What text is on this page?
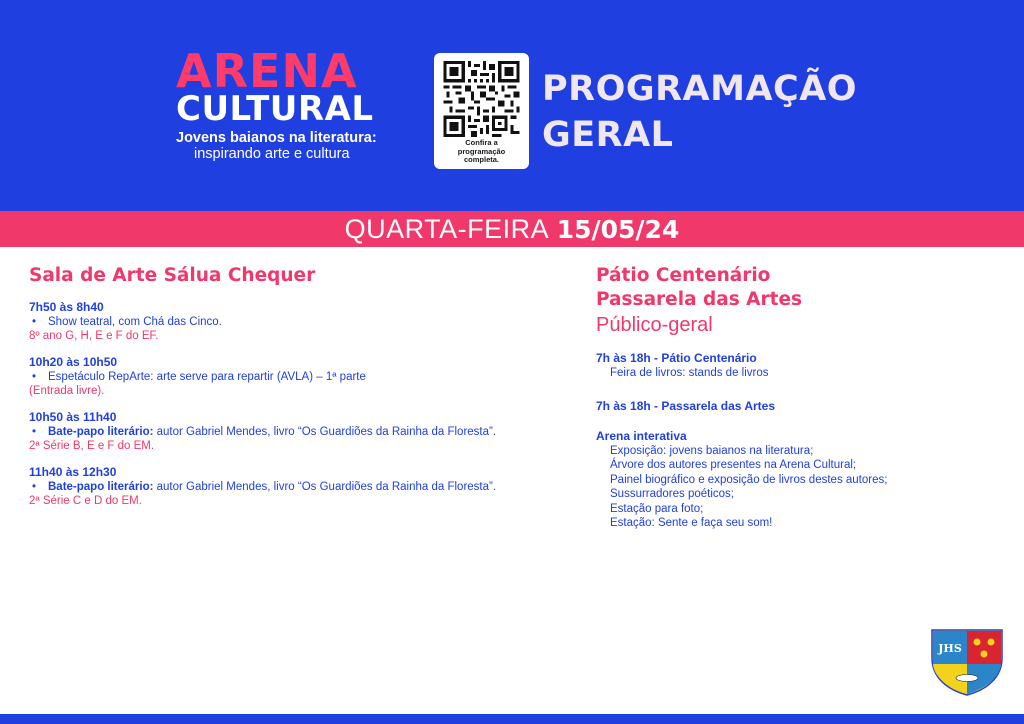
ARENA
CULTURAL
Jovens baianos na literatura:
inspirando arte e cultura
Confira a
programação
completa.
PROGRAMAÇÃO
GERAL
QUARTA-FEIRA 15/05/24
Sala de Arte Sálua Chequer
7h50 às 8h40
• Show teatral, com Chá das Cinco.
8º ano G, H, E e F do EF.
10h20 às 10h50
• Espetáculo RepArte: arte serve para repartir (AVLA) – 1ª parte
(Entrada livre).
10h50 às 11h40
• Bate-papo literário: autor Gabriel Mendes, livro “Os Guardiões da Rainha da Floresta”.
2ª Série B, E e F do EM.
11h40 às 12h30
• Bate-papo literário: autor Gabriel Mendes, livro “Os Guardiões da Rainha da Floresta”.
2ª Série C e D do EM.
Pátio Centenário
Passarela das Artes
Público-geral
7h às 18h - Pátio Centenário
Feira de livros: stands de livros
7h às 18h - Passarela das Artes
Arena interativa
Exposição: jovens baianos na literatura;
Árvore dos autores presentes na Arena Cultural;
Painel biográfico e exposição de livros destes autores;
Sussurradores poéticos;
Estação para foto;
Estação: Sente e faça seu som!
JHS
